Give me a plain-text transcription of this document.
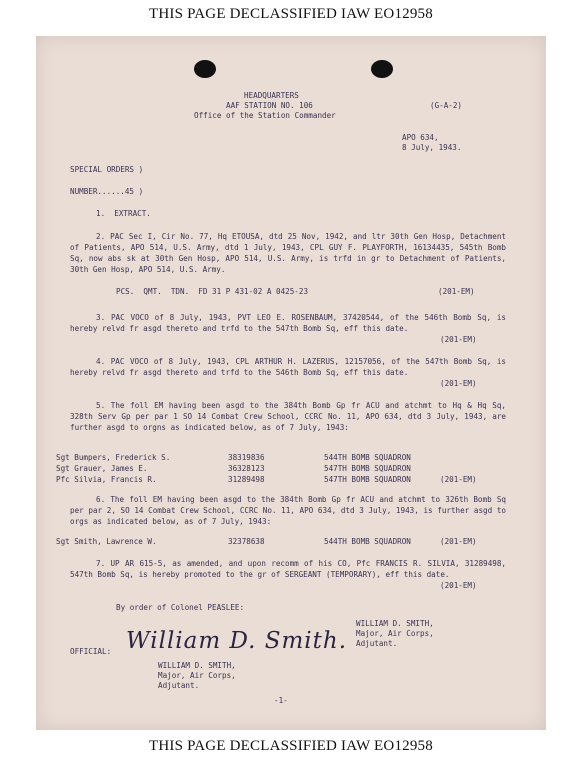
THIS PAGE DECLASSIFIED IAW EO12958
HEADQUARTERS
AAF STATION NO. 106
Office of the Station Commander
(G-A-2)
APO 634,
8 July, 1943.
SPECIAL ORDERS )
NUMBER......45 )
1.  EXTRACT.
2. PAC Sec I, Cir No. 77, Hq ETOUSA, dtd 25 Nov, 1942, and ltr 30th Gen Hosp, Detachment of Patients, APO 514, U.S. Army, dtd 1 July, 1943, CPL GUY F. PLAYFORTH, 16134435, 545th Bomb Sq, now abs sk at 30th Gen Hosp, APO 514, U.S. Army, is trfd in gr to Detachment of Patients, 30th Gen Hosp, APO 514, U.S. Army.
PCS.  QMT.  TDN.  FD 31 P 431-02 A 0425-23	(201-EM)
3. PAC VOCO of 8 July, 1943, PVT LEO E. ROSENBAUM, 37420544, of the 546th Bomb Sq, is hereby relvd fr asgd thereto and trfd to the 547th Bomb Sq, eff this date.
(201-EM)
4. PAC VOCO of 8 July, 1943, CPL ARTHUR H. LAZERUS, 12157056, of the 547th Bomb Sq, is hereby relvd fr asgd thereto and trfd to the 546th Bomb Sq, eff this date.
(201-EM)
5. The foll EM having been asgd to the 384th Bomb Gp fr ACU and atchmt to Hq & Hq Sq, 328th Serv Gp per par 1 SO 14 Combat Crew School, CCRC No. 11, APO 634, dtd 3 July, 1943, are further asgd to orgns as indicated below, as of 7 July, 1943:
Sgt Bumpers, Frederick S.	38319836	544TH BOMB SQUADRON
Sgt Grauer, James E.	36328123	547TH BOMB SQUADRON
Pfc Silvia, Francis R.	31289498	547TH BOMB SQUADRON	(201-EM)
6. The foll EM having been asgd to the 384th Bomb Gp fr ACU and atchmt to 326th Bomb Sq per par 2, SO 14 Combat Crew School, CCRC No. 11, APO 634, dtd 3 July, 1943, is further asgd to orgs as indicated below, as of 7 July, 1943:
Sgt Smith, Lawrence W.	32378638	544TH BOMB SQUADRON	(201-EM)
7. UP AR 615-5, as amended, and upon recomm of his CO, Pfc FRANCIS R. SILVIA, 31289498, 547th Bomb Sq, is hereby promoted to the gr of SERGEANT (TEMPORARY), eff this date.
(201-EM)
By order of Colonel PEASLEE:
WILLIAM D. SMITH,
Major, Air Corps,
Adjutant.
OFFICIAL: William D. Smith.
WILLIAM D. SMITH,
Major, Air Corps,
Adjutant.
-1-
THIS PAGE DECLASSIFIED IAW EO12958
